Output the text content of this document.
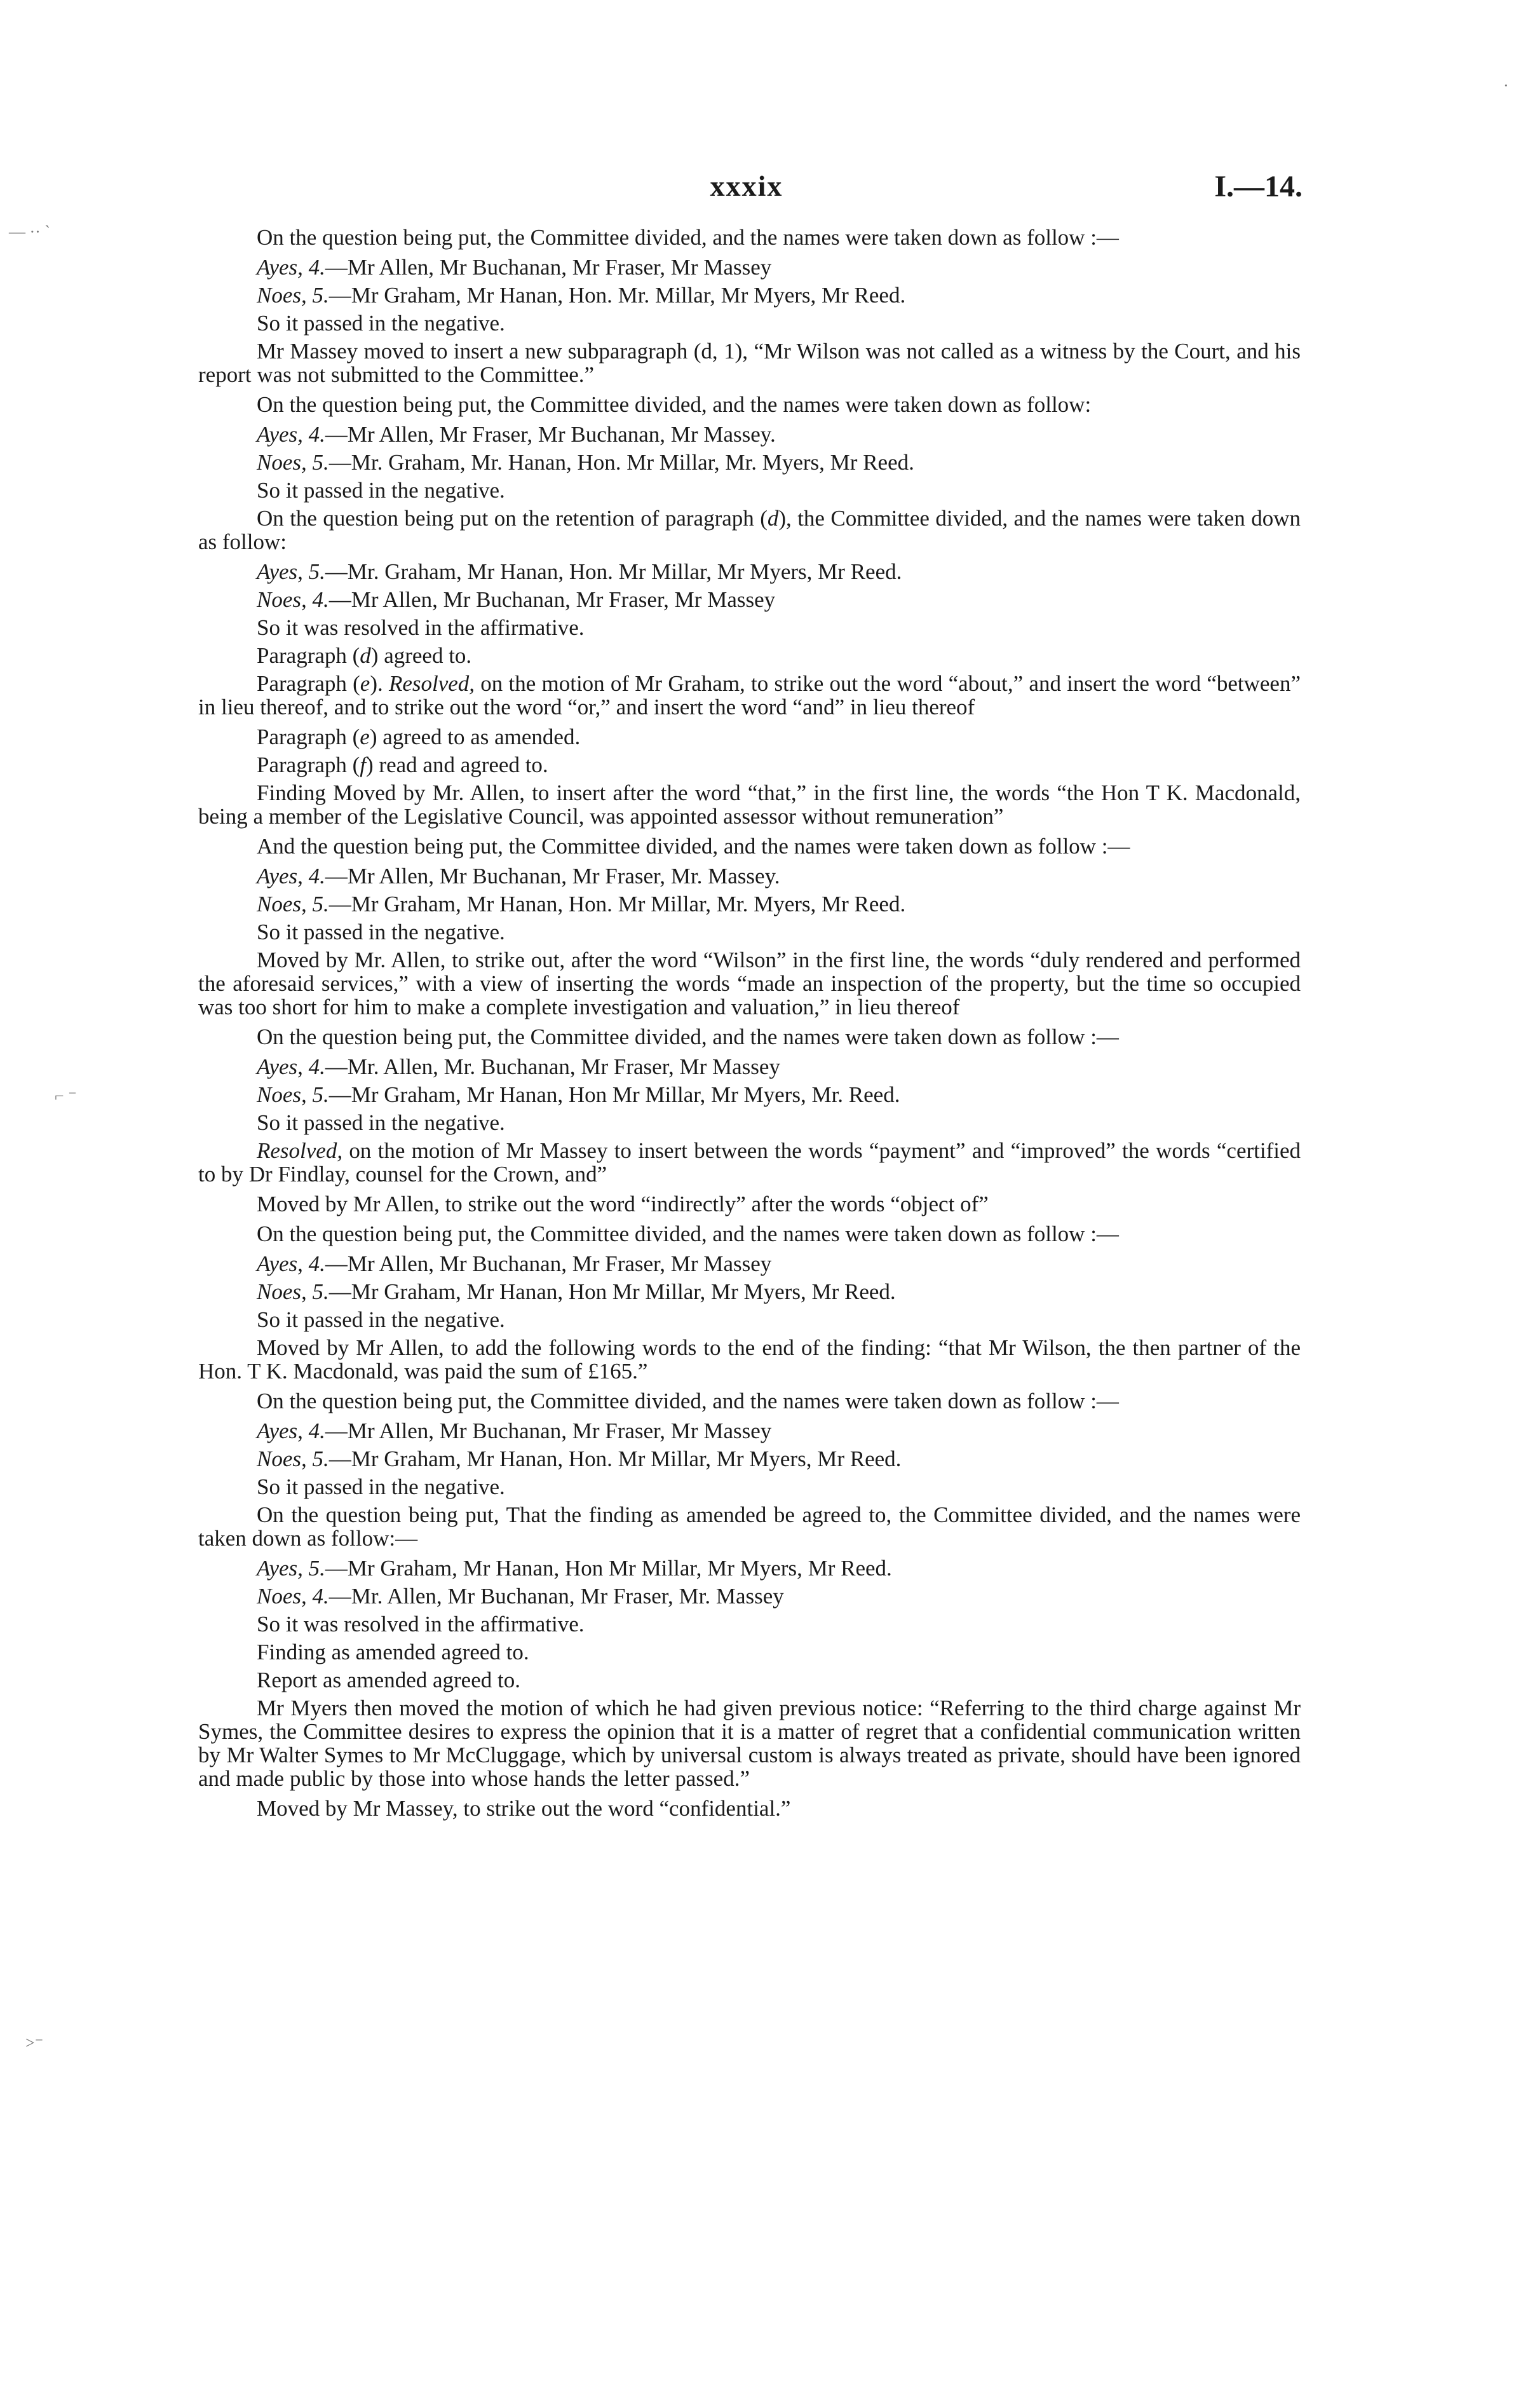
— ·· ˋ
⌐ ⁻
>⁻
·
xxxix	I.—14.
On the question being put, the Committee divided, and the names were taken down as follow :—
Ayes, 4.—Mr Allen, Mr Buchanan, Mr Fraser, Mr Massey
Noes, 5.—Mr Graham, Mr Hanan, Hon. Mr. Millar, Mr Myers, Mr Reed.
So it passed in the negative.
Mr Massey moved to insert a new subparagraph (d, 1), “Mr Wilson was not called as a witness by the Court, and his report was not submitted to the Committee.”
On the question being put, the Committee divided, and the names were taken down as follow:
Ayes, 4.—Mr Allen, Mr Fraser, Mr Buchanan, Mr Massey.
Noes, 5.—Mr. Graham, Mr. Hanan, Hon. Mr Millar, Mr. Myers, Mr Reed.
So it passed in the negative.
On the question being put on the retention of paragraph (d), the Committee divided, and the names were taken down as follow:
Ayes, 5.—Mr. Graham, Mr Hanan, Hon. Mr Millar, Mr Myers, Mr Reed.
Noes, 4.—Mr Allen, Mr Buchanan, Mr Fraser, Mr Massey
So it was resolved in the affirmative.
Paragraph (d) agreed to.
Paragraph (e). Resolved, on the motion of Mr Graham, to strike out the word “about,” and insert the word “between” in lieu thereof, and to strike out the word “or,” and insert the word “and” in lieu thereof
Paragraph (e) agreed to as amended.
Paragraph (f) read and agreed to.
Finding Moved by Mr. Allen, to insert after the word “that,” in the first line, the words “the Hon T K. Macdonald, being a member of the Legislative Council, was appointed assessor without remuneration”
And the question being put, the Committee divided, and the names were taken down as follow :—
Ayes, 4.—Mr Allen, Mr Buchanan, Mr Fraser, Mr. Massey.
Noes, 5.—Mr Graham, Mr Hanan, Hon. Mr Millar, Mr. Myers, Mr Reed.
So it passed in the negative.
Moved by Mr. Allen, to strike out, after the word “Wilson” in the first line, the words “duly rendered and performed the aforesaid services,” with a view of inserting the words “made an inspection of the property, but the time so occupied was too short for him to make a complete investigation and valuation,” in lieu thereof
On the question being put, the Committee divided, and the names were taken down as follow :—
Ayes, 4.—Mr. Allen, Mr. Buchanan, Mr Fraser, Mr Massey
Noes, 5.—Mr Graham, Mr Hanan, Hon Mr Millar, Mr Myers, Mr. Reed.
So it passed in the negative.
Resolved, on the motion of Mr Massey to insert between the words “payment” and “improved” the words “certified to by Dr Findlay, counsel for the Crown, and”
Moved by Mr Allen, to strike out the word “indirectly” after the words “object of”
On the question being put, the Committee divided, and the names were taken down as follow :—
Ayes, 4.—Mr Allen, Mr Buchanan, Mr Fraser, Mr Massey
Noes, 5.—Mr Graham, Mr Hanan, Hon Mr Millar, Mr Myers, Mr Reed.
So it passed in the negative.
Moved by Mr Allen, to add the following words to the end of the finding: “that Mr Wilson, the then partner of the Hon. T K. Macdonald, was paid the sum of £165.”
On the question being put, the Committee divided, and the names were taken down as follow :—
Ayes, 4.—Mr Allen, Mr Buchanan, Mr Fraser, Mr Massey
Noes, 5.—Mr Graham, Mr Hanan, Hon. Mr Millar, Mr Myers, Mr Reed.
So it passed in the negative.
On the question being put, That the finding as amended be agreed to, the Committee divided, and the names were taken down as follow:—
Ayes, 5.—Mr Graham, Mr Hanan, Hon Mr Millar, Mr Myers, Mr Reed.
Noes, 4.—Mr. Allen, Mr Buchanan, Mr Fraser, Mr. Massey
So it was resolved in the affirmative.
Finding as amended agreed to.
Report as amended agreed to.
Mr Myers then moved the motion of which he had given previous notice: “Referring to the third charge against Mr Symes, the Committee desires to express the opinion that it is a matter of regret that a confidential communication written by Mr Walter Symes to Mr McCluggage, which by universal custom is always treated as private, should have been ignored and made public by those into whose hands the letter passed.”
Moved by Mr Massey, to strike out the word “confidential.”
